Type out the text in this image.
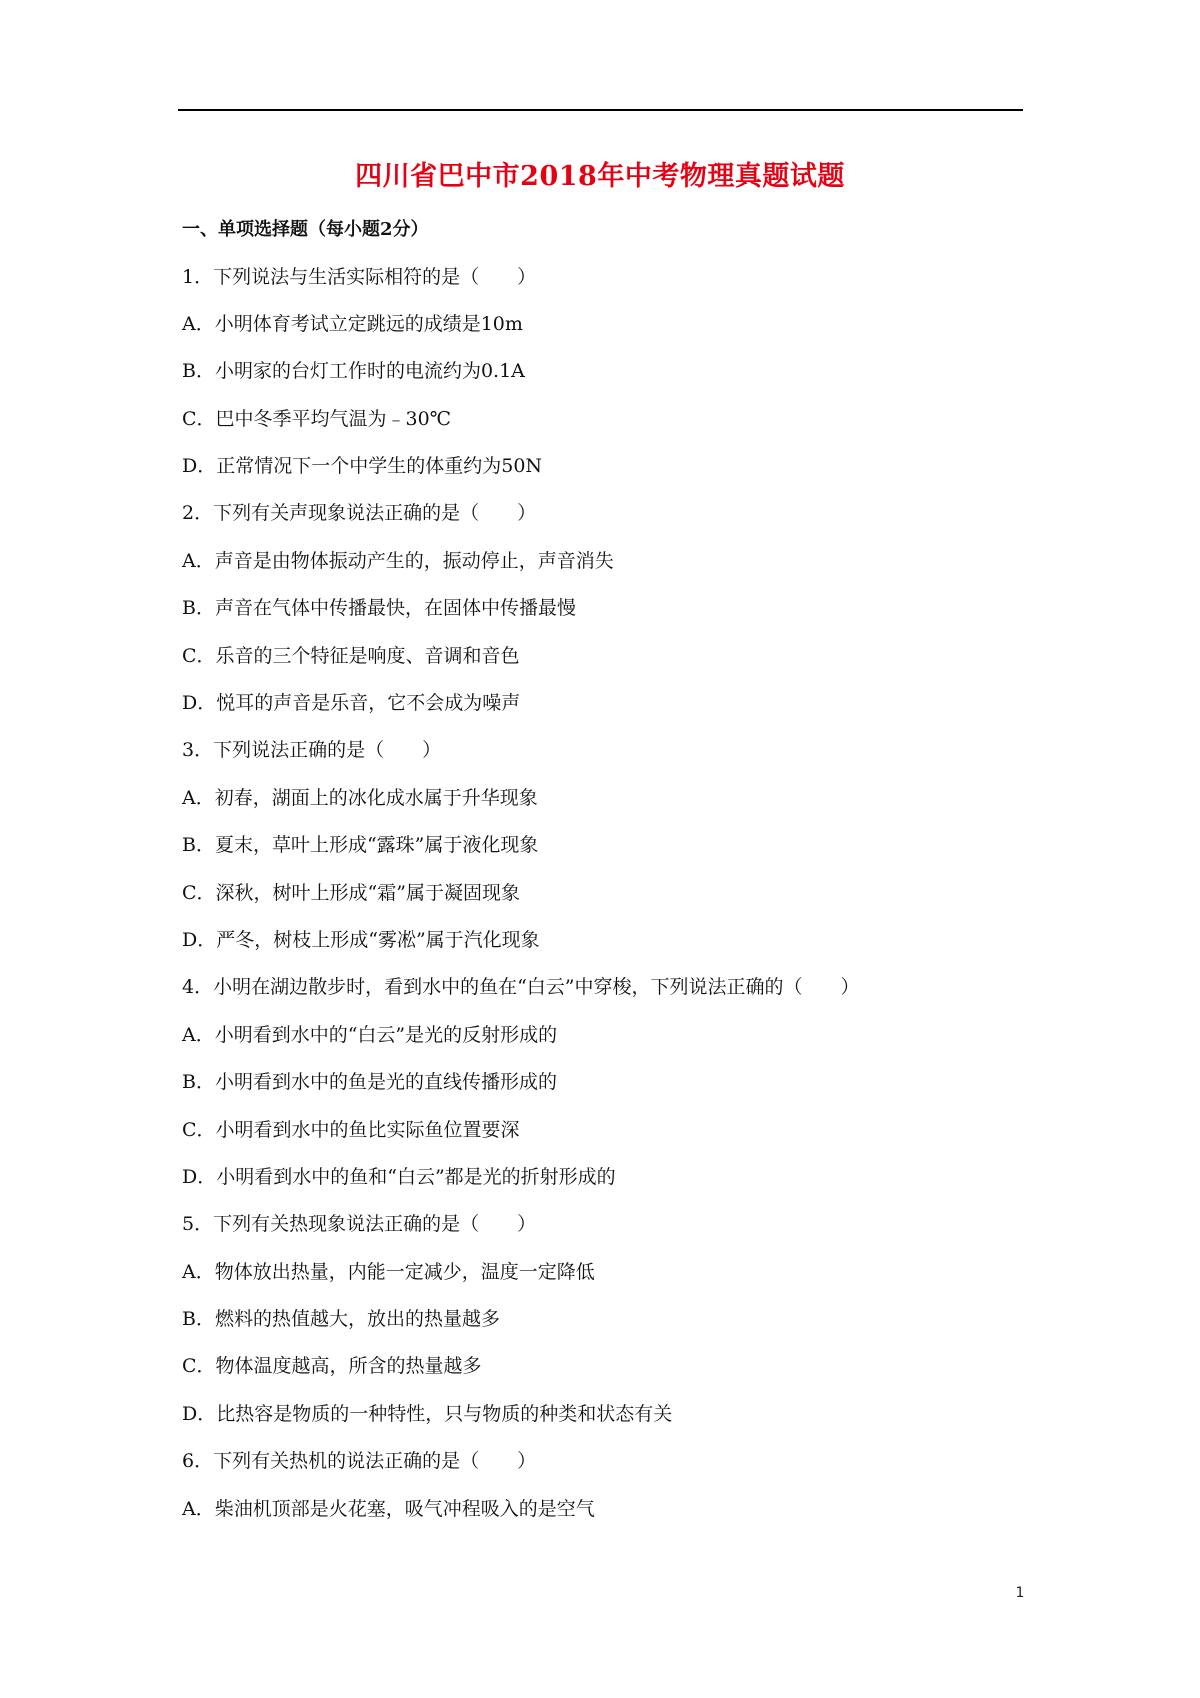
四川省巴中市2018年中考物理真题试题
一、单项选择题（每小题2分）
1．下列说法与生活实际相符的是（　　）
A．小明体育考试立定跳远的成绩是10m
B．小明家的台灯工作时的电流约为0.1A
C．巴中冬季平均气温为﹣30℃
D．正常情况下一个中学生的体重约为50N
2．下列有关声现象说法正确的是（　　）
A．声音是由物体振动产生的，振动停止，声音消失
B．声音在气体中传播最快，在固体中传播最慢
C．乐音的三个特征是响度、音调和音色
D．悦耳的声音是乐音，它不会成为噪声
3．下列说法正确的是（　　）
A．初春，湖面上的冰化成水属于升华现象
B．夏末，草叶上形成“露珠”属于液化现象
C．深秋，树叶上形成“霜”属于凝固现象
D．严冬，树枝上形成“雾凇”属于汽化现象
4．小明在湖边散步时，看到水中的鱼在“白云”中穿梭，下列说法正确的（　　）
A．小明看到水中的“白云”是光的反射形成的
B．小明看到水中的鱼是光的直线传播形成的
C．小明看到水中的鱼比实际鱼位置要深
D．小明看到水中的鱼和“白云”都是光的折射形成的
5．下列有关热现象说法正确的是（　　）
A．物体放出热量，内能一定减少，温度一定降低
B．燃料的热值越大，放出的热量越多
C．物体温度越高，所含的热量越多
D．比热容是物质的一种特性，只与物质的种类和状态有关
6．下列有关热机的说法正确的是（　　）
A．柴油机顶部是火花塞，吸气冲程吸入的是空气
1
